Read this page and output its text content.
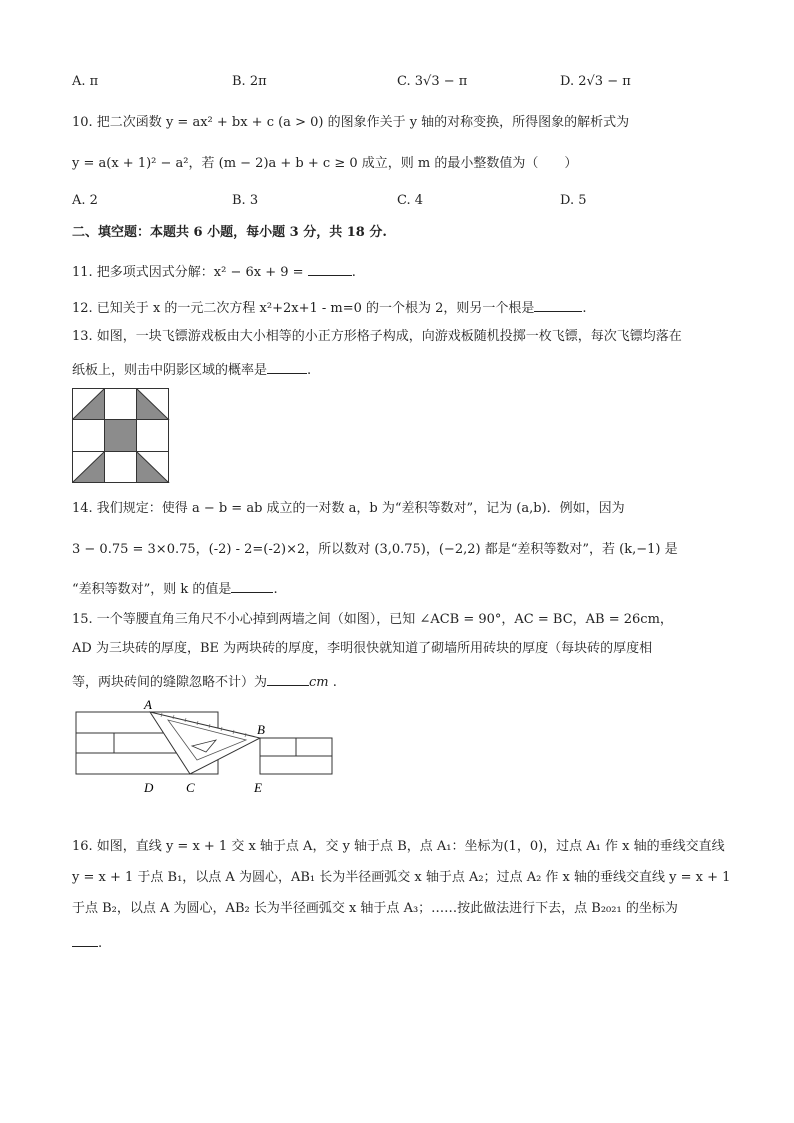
A. π	B. 2π	C. 3√3 − π	D. 2√3 − π
10. 把二次函数 y = ax² + bx + c (a > 0) 的图象作关于 y 轴的对称变换，所得图象的解析式为
y = a(x + 1)² − a²，若 (m − 2)a + b + c ≥ 0 成立，则 m 的最小整数值为（　　）
A. 2	B. 3	C. 4	D. 5
二、填空题：本题共 6 小题，每小题 3 分，共 18 分.
11. 把多项式因式分解：x² − 6x + 9 =	.
12. 已知关于 x 的一元二次方程 x²+2x+1 - m=0 的一个根为 2，则另一个根是	.
13. 如图，一块飞镖游戏板由大小相等的小正方形格子构成，向游戏板随机投掷一枚飞镖，每次飞镖均落在
纸板上，则击中阴影区域的概率是	.
14. 我们规定：使得 a − b = ab 成立的一对数 a，b 为“差积等数对”，记为 (a,b)．例如，因为
3 − 0.75 = 3×0.75，(-2) - 2=(-2)×2，所以数对 (3,0.75)，(−2,2) 都是“差积等数对”，若 (k,−1) 是
“差积等数对”，则 k 的值是	.
15. 一个等腰直角三角尺不小心掉到两墙之间（如图），已知 ∠ACB = 90°，AC = BC，AB = 26cm，
AD 为三块砖的厚度，BE 为两块砖的厚度，李明很快就知道了砌墙所用砖块的厚度（每块砖的厚度相
等，两块砖间的缝隙忽略不计）为	cm .
A
B
C
D	E
16. 如图，直线 y = x + 1 交 x 轴于点 A，交 y 轴于点 B，点 A₁：坐标为(1，0)，过点 A₁ 作 x 轴的垂线交直线
y = x + 1 于点 B₁，以点 A 为圆心，AB₁ 长为半径画弧交 x 轴于点 A₂；过点 A₂ 作 x 轴的垂线交直线 y = x + 1
于点 B₂，以点 A 为圆心，AB₂ 长为半径画弧交 x 轴于点 A₃；……按此做法进行下去，点 B₂₀₂₁ 的坐标为
.
